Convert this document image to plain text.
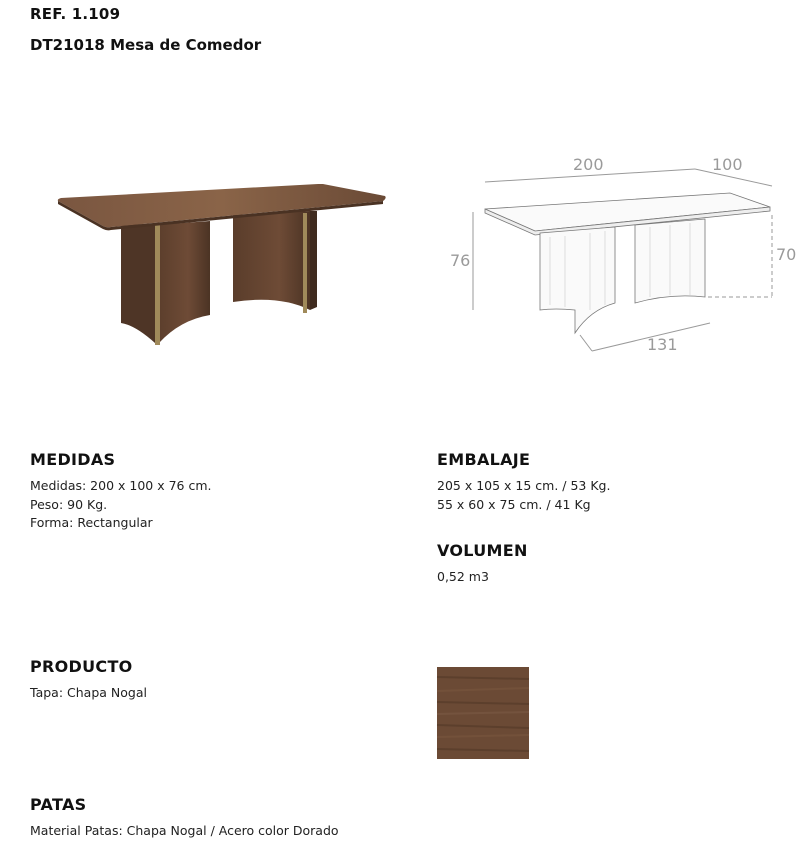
REF. 1.109
DT21018 Mesa de Comedor
200	100
76	70
131
MEDIDAS
Medidas: 200 x 100 x 76 cm.
Peso: 90 Kg.
Forma: Rectangular
EMBALAJE
205 x 105 x 15 cm. / 53 Kg.
55 x 60 x 75 cm. / 41 Kg
VOLUMEN
0,52 m3
PRODUCTO
Tapa: Chapa Nogal
PATAS
Material Patas: Chapa Nogal / Acero color Dorado
